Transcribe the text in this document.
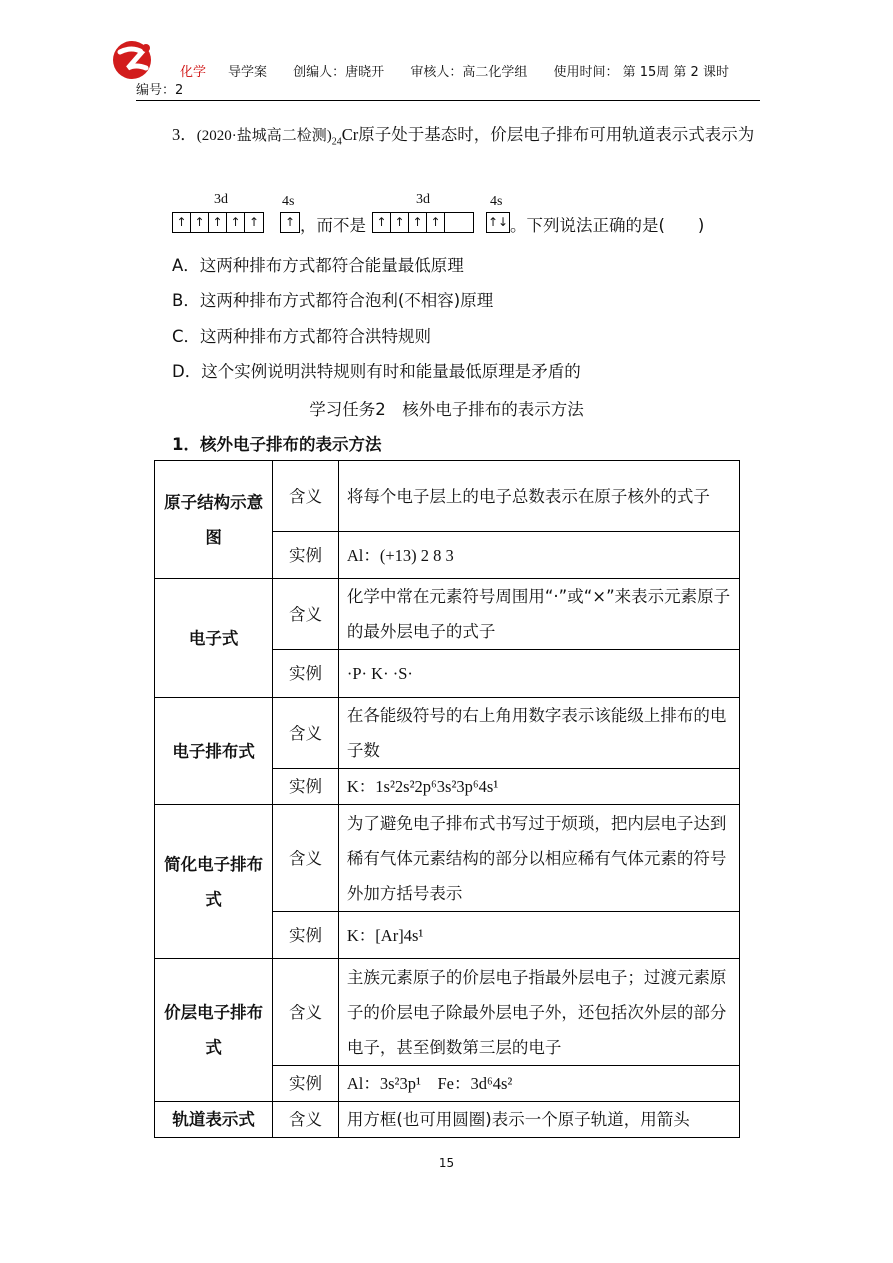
化学 导学案 创编人：唐晓开 审核人：高二化学组 使用时间： 第 15周 第 2 课时
编号：2
3．(2020·盐城高二检测)$_{24}Cr$原子处于基态时，价层电子排布可用轨道表示式表示为
3d	4s
↑ ↑ ↑ ↑ ↑	↑ ，而不是
3d	4s
↑ ↑ ↑ ↑	↑↓ 。下列说法正确的是(　　)
A．这两种排布方式都符合能量最低原理
B．这两种排布方式都符合泡利(不相容)原理
C．这两种排布方式都符合洪特规则
D．这个实例说明洪特规则有时和能量最低原理是矛盾的
学习任务2　核外电子排布的表示方法
1．核外电子排布的表示方法
原子结构示意图	含义	将每个电子层上的电子总数表示在原子核外的式子
	实例	Al：(+13) 2 8 3
电子式	含义	化学中常在元素符号周围用“·”或“×”来表示元素原子的最外层电子的式子
	实例	·P· K· ·S·
电子排布式	含义	在各能级符号的右上角用数字表示该能级上排布的电子数
	实例	K：1s²2s²2p⁶3s²3p⁶4s¹
简化电子排布式	含义	为了避免电子排布式书写过于烦琐，把内层电子达到稀有气体元素结构的部分以相应稀有气体元素的符号外加方括号表示
	实例	K：[Ar]4s¹
价层电子排布式	含义	主族元素原子的价层电子指最外层电子；过渡元素原子的价层电子除最外层电子外，还包括次外层的部分电子，甚至倒数第三层的电子
	实例	Al：3s²3p¹　Fe：3d⁶4s²
轨道表示式	含义	用方框(也可用圆圈)表示一个原子轨道，用箭头
15
